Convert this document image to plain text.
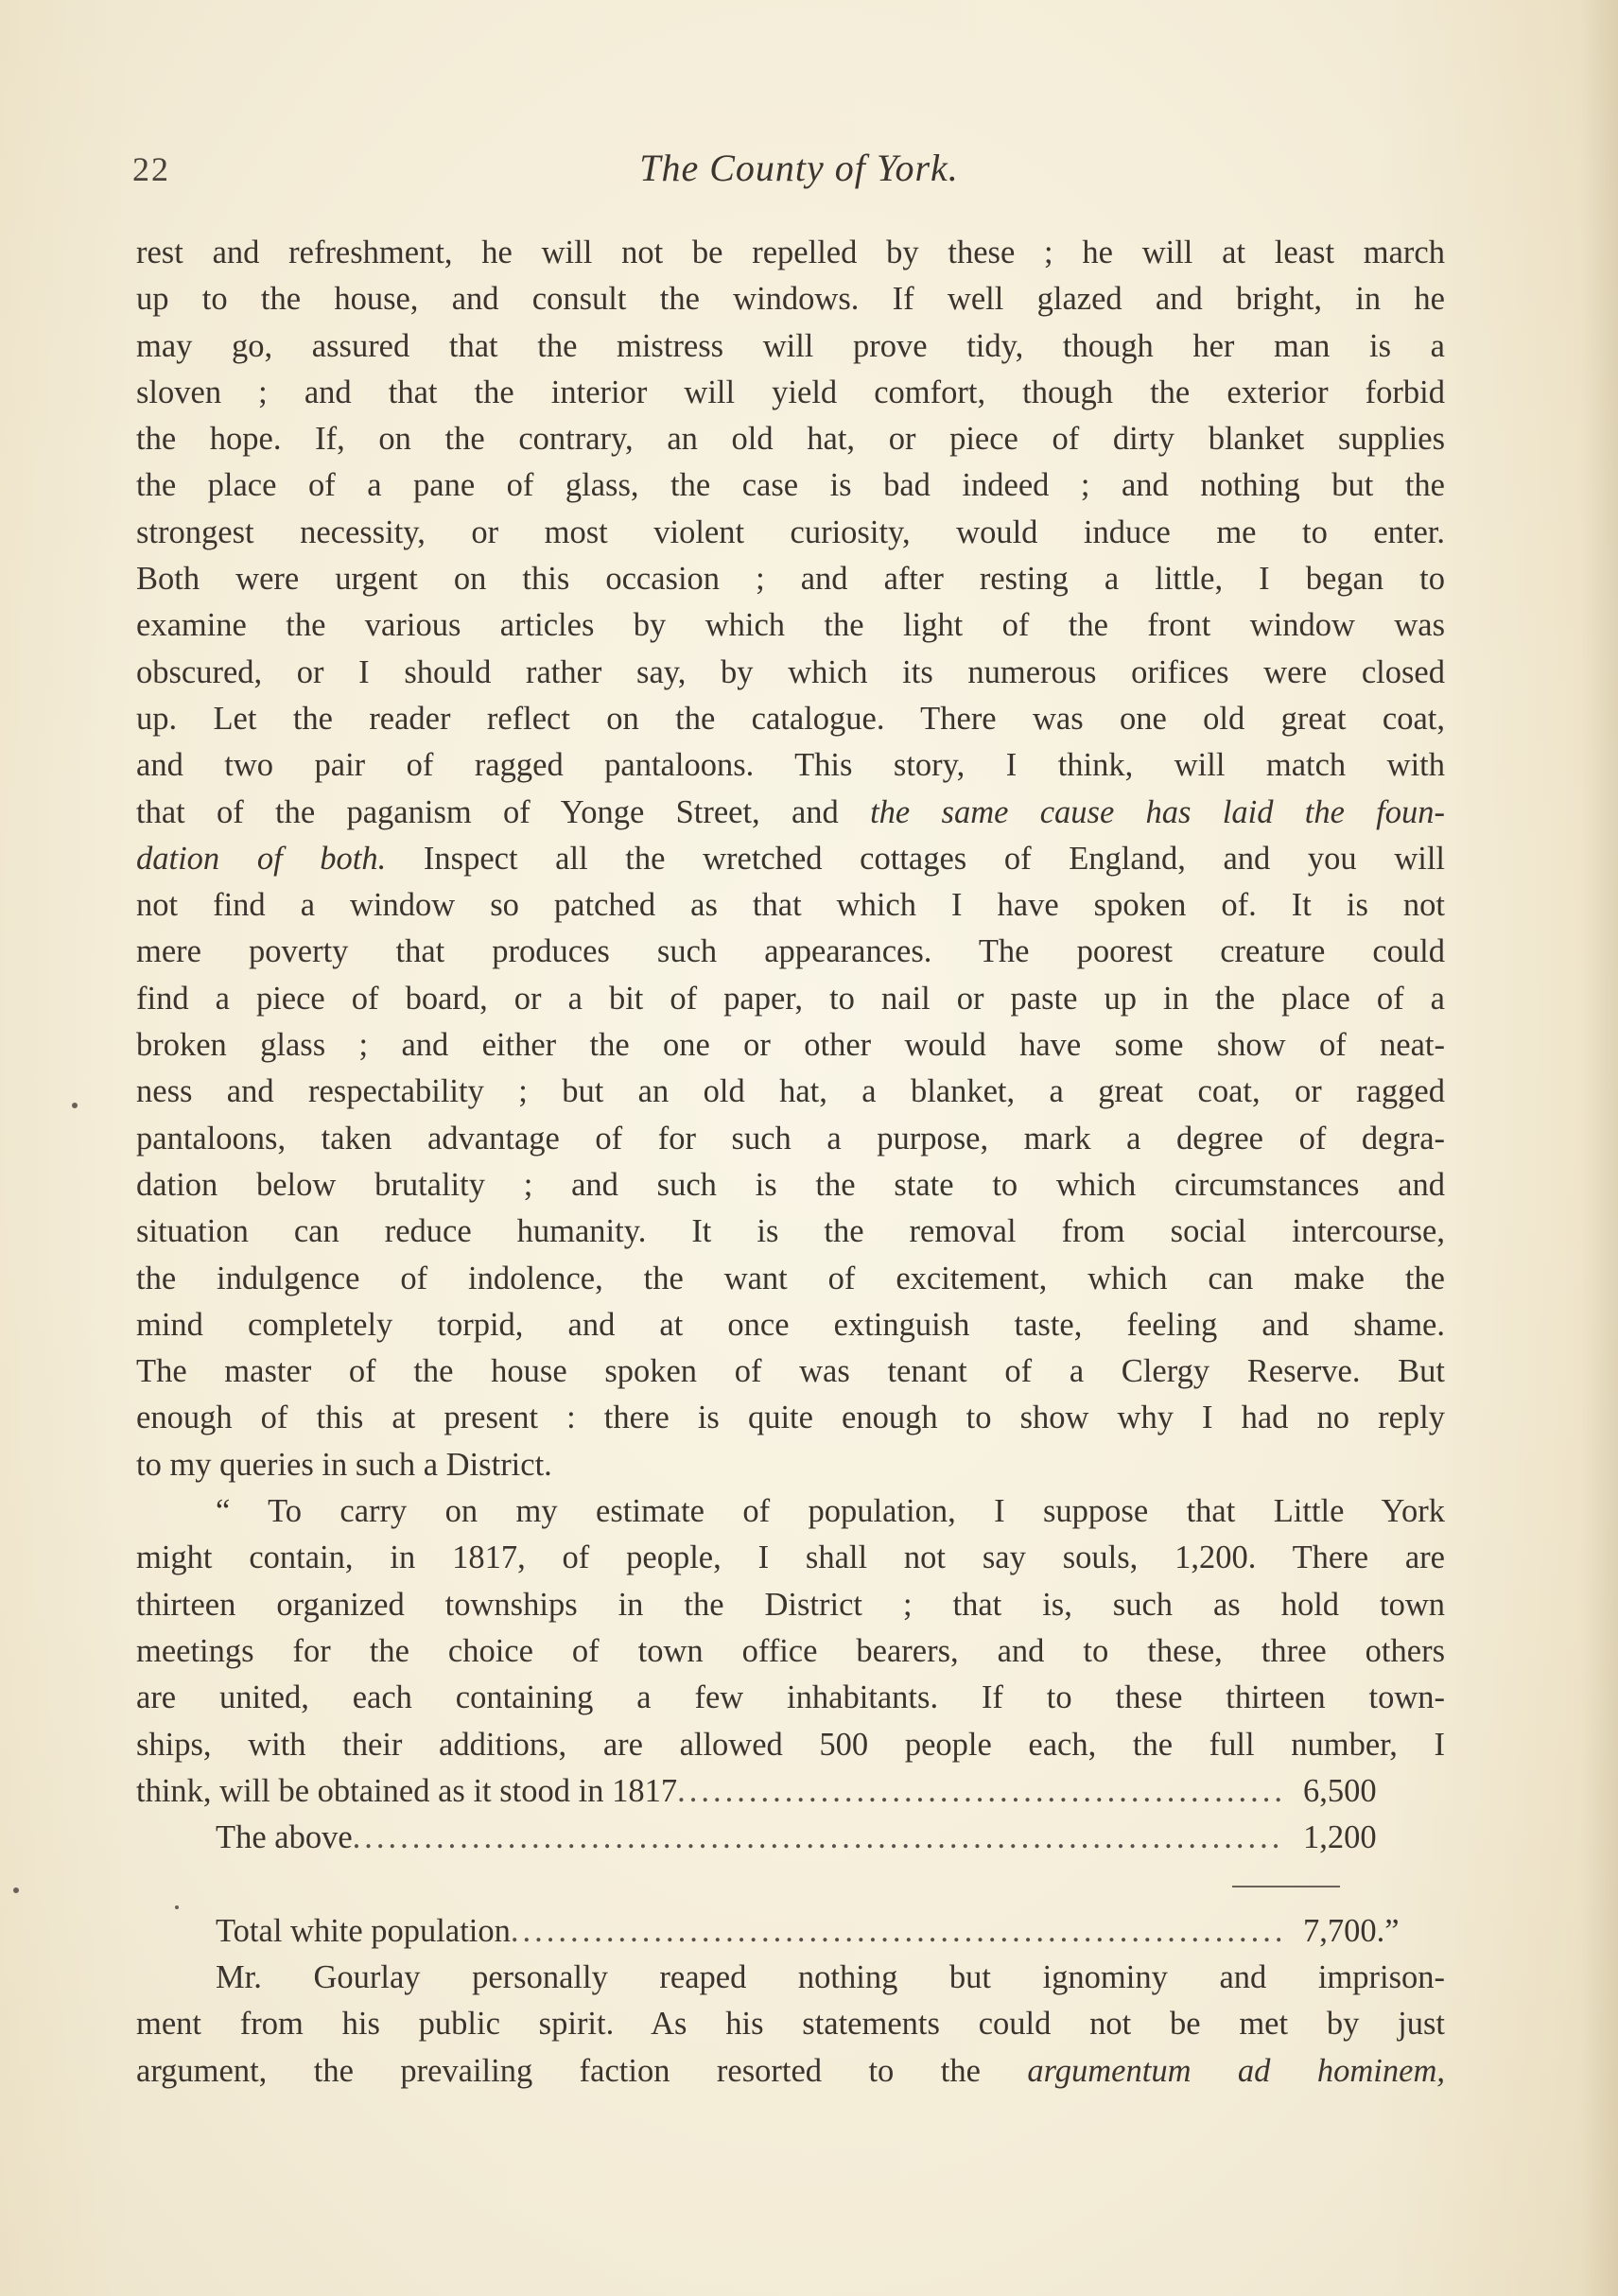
22	The County of York.
rest and refreshment, he will not be repelled by these ; he will at least march
up to the house, and consult the windows. If well glazed and bright, in he
may go, assured that the mistress will prove tidy, though her man is a
sloven ; and that the interior will yield comfort, though the exterior forbid
the hope. If, on the contrary, an old hat, or piece of dirty blanket supplies
the place of a pane of glass, the case is bad indeed ; and nothing but the
strongest necessity, or most violent curiosity, would induce me to enter.
Both were urgent on this occasion ; and after resting a little, I began to
examine the various articles by which the light of the front window was
obscured, or I should rather say, by which its numerous orifices were closed
up. Let the reader reflect on the catalogue. There was one old great coat,
and two pair of ragged pantaloons. This story, I think, will match with
that of the paganism of Yonge Street, and the same cause has laid the foun-
dation of both. Inspect all the wretched cottages of England, and you will
not find a window so patched as that which I have spoken of. It is not
mere poverty that produces such appearances. The poorest creature could
find a piece of board, or a bit of paper, to nail or paste up in the place of a
broken glass ; and either the one or other would have some show of neat-
ness and respectability ; but an old hat, a blanket, a great coat, or ragged
pantaloons, taken advantage of for such a purpose, mark a degree of degra-
dation below brutality ; and such is the state to which circumstances and
situation can reduce humanity. It is the removal from social intercourse,
the indulgence of indolence, the want of excitement, which can make the
mind completely torpid, and at once extinguish taste, feeling and shame.
The master of the house spoken of was tenant of a Clergy Reserve. But
enough of this at present : there is quite enough to show why I had no reply
to my queries in such a District.
“ To carry on my estimate of population, I suppose that Little York
might contain, in 1817, of people, I shall not say souls, 1,200. There are
thirteen organized townships in the District ; that is, such as hold town
meetings for the choice of town office bearers, and to these, three others
are united, each containing a few inhabitants. If to these thirteen town-
ships, with their additions, are allowed 500 people each, the full number, I
think, will be obtained as it stood in 1817 .....	6,500
The above .....	1,200
Total white population .....	7,700.”
Mr. Gourlay personally reaped nothing but ignominy and imprison-
ment from his public spirit. As his statements could not be met by just
argument, the prevailing faction resorted to the argumentum ad hominem,
